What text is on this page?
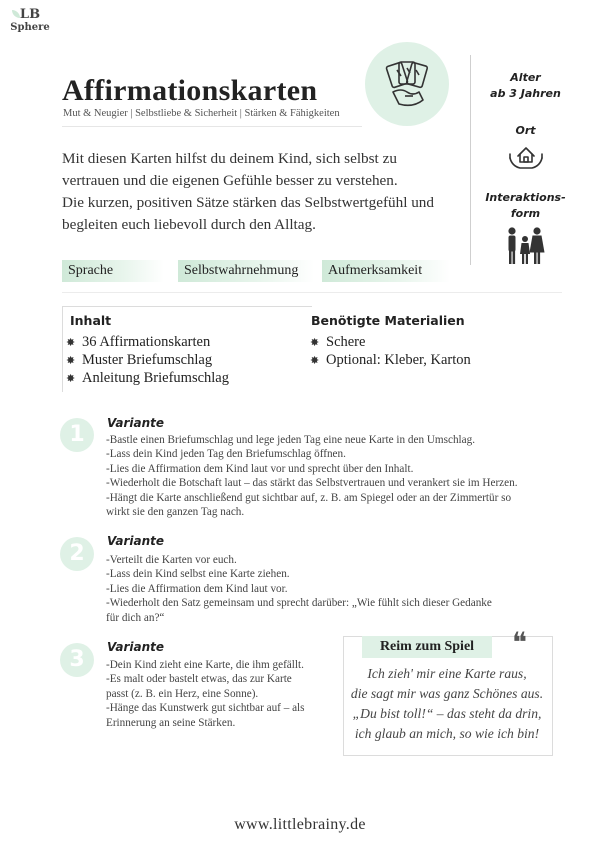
LB
Sphere
Affirmationskarten
Mut & Neugier | Selbstliebe & Sicherheit | Stärken & Fähigkeiten
Alter
ab 3 Jahren
Ort
Interaktions-
form

Mit diesen Karten hilfst du deinem Kind, sich selbst zu

vertrauen und die eigenen Gefühle besser zu verstehen.

Die kurzen, positiven Sätze stärken das Selbstwertgefühl und

begleiten euch liebevoll durch den Alltag.

Sprache	Selbstwahrnehmung	Aufmerksamkeit
Inhalt
✸ 36 Affirmationskarten
✸ Muster Briefumschlag
✸ Anleitung Briefumschlag
Benötigte Materialien
✸ Schere
✸ Optional: Kleber, Karton
1	Variante
-Bastle einen Briefumschlag und lege jeden Tag eine neue Karte in den Umschlag.
-Lass dein Kind jeden Tag den Briefumschlag öffnen.
-Lies die Affirmation dem Kind laut vor und sprecht über den Inhalt.
-Wiederholt die Botschaft laut – das stärkt das Selbstvertrauen und verankert sie im Herzen.
-Hängt die Karte anschließend gut sichtbar auf, z. B. am Spiegel oder an der Zimmertür so
wirkt sie den ganzen Tag nach.
2	Variante
-Verteilt die Karten vor euch.
-Lass dein Kind selbst eine Karte ziehen.
-Lies die Affirmation dem Kind laut vor.
-Wiederholt den Satz gemeinsam und sprecht darüber: „Wie fühlt sich dieser Gedanke
für dich an?“
3	Variante
-Dein Kind zieht eine Karte, die ihm gefällt.
-Es malt oder bastelt etwas, das zur Karte
passt (z. B. ein Herz, eine Sonne).
-Hänge das Kunstwerk gut sichtbar auf – als
Erinnerung an seine Stärken.
Reim zum Spiel	❝
Ich zieh' mir eine Karte raus,
die sagt mir was ganz Schönes aus.
„Du bist toll!“ – das steht da drin,
ich glaub an mich, so wie ich bin!
www.littlebrainy.de
